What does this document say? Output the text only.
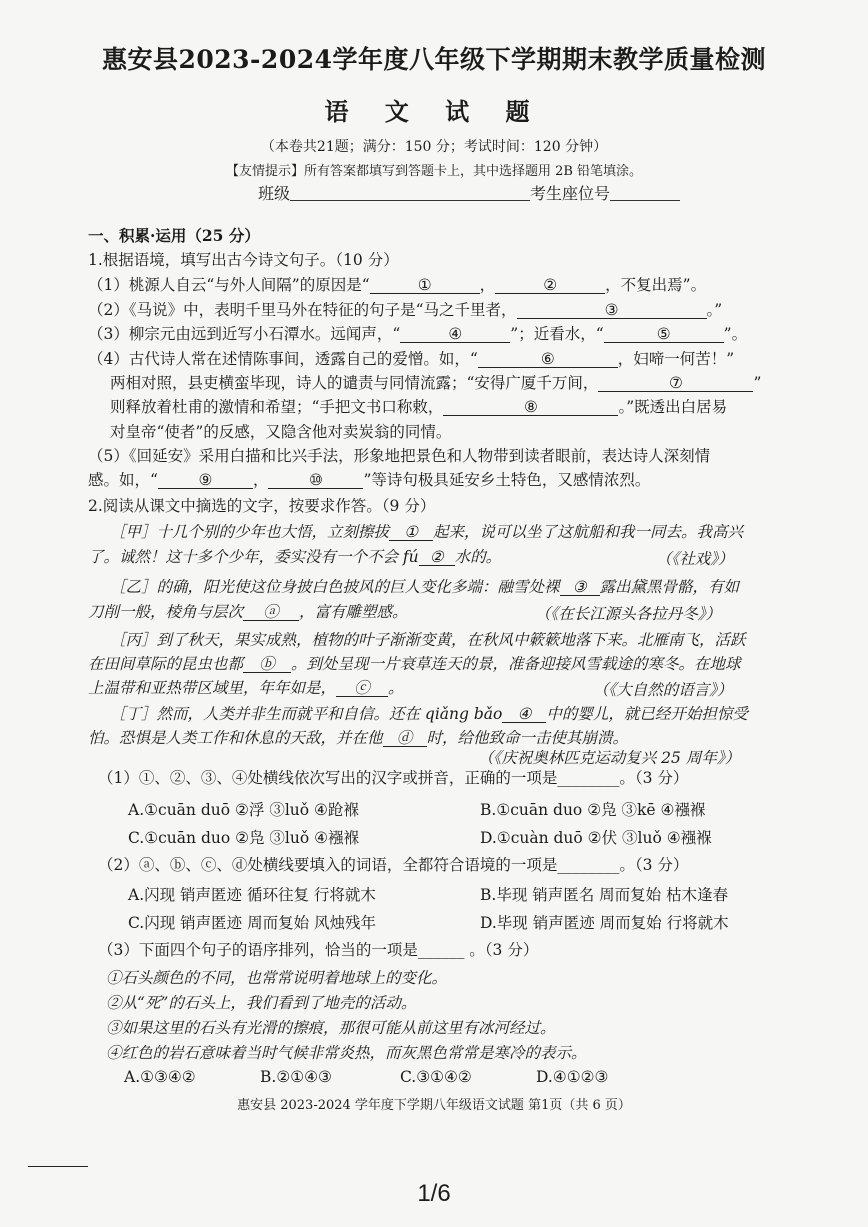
惠安县2023-2024学年度八年级下学期期末教学质量检测
语 文 试 题
（本卷共21题；满分：150 分；考试时间：120 分钟）
【友情提示】所有答案都填写到答题卡上，其中选择题用 2B 铅笔填涂。
班级	考生座位号
一、积累·运用（25 分）
1.根据语境，填写出古今诗文句子。（10 分）
（1）桃源人自云“与外人间隔”的原因是“	①	，	②	，不复出焉”。
（2）《马说》中，表明千里马外在特征的句子是“马之千里者，	③	。”
（3）柳宗元由远到近写小石潭水。远闻声，“	④	”；近看水，“	⑤	”。
（4）古代诗人常在述情陈事间，透露自己的爱憎。如，“	⑥	，妇啼一何苦！”
两相对照，县吏横蛮毕现，诗人的谴责与同情流露；“安得广厦千万间，	⑦	”
则释放着杜甫的激情和希望；“手把文书口称敕，	⑧	。”既透出白居易
对皇帝“使者”的反感，又隐含他对卖炭翁的同情。
（5）《回延安》采用白描和比兴手法，形象地把景色和人物带到读者眼前，表达诗人深刻情
感。如，“	⑨	，	⑩	”等诗句极具延安乡土特色，又感情浓烈。
2.阅读从课文中摘选的文字，按要求作答。（9 分）
［甲］十几个别的少年也大悟，立刻擦拔 ① 起来，说可以坐了这航船和我一同去。我高兴
了。诚然！这十多个少年，委实没有一个不会 fú ② 水的。	（《社戏》）
［乙］的确，阳光使这位身披白色披风的巨人变化多端：融雪处裸 ③ 露出黛黑骨骼，有如
刀削一般，棱角与层次 ⓐ ，富有雕塑感。	（《在长江源头各拉丹冬》）
［丙］到了秋天，果实成熟，植物的叶子渐渐变黄，在秋风中簌簌地落下来。北雁南飞，活跃
在田间草际的昆虫也都 ⓑ 。到处呈现一片衰草连天的景，准备迎接风雪载途的寒冬。在地球
上温带和亚热带区域里，年年如是， ⓒ 。	（《大自然的语言》）
［丁］然而，人类并非生而就平和自信。还在 qiǎng bǎo ④ 中的婴儿，就已经开始担惊受
怕。恐惧是人类工作和休息的天敌，并在他 ⓓ 时，给他致命一击使其崩溃。
（《庆祝奥林匹克运动复兴 25 周年》）
（1）①、②、③、④处横线依次写出的汉字或拼音，正确的一项是________。（3 分）
A.①cuān duō ②浮 ③luǒ ④跄褓	B.①cuān duo ②凫 ③kē ④襁褓
C.①cuān duo ②凫 ③luǒ ④襁褓	D.①cuàn duō ②伏 ③luǒ ④襁褓
（2）ⓐ、ⓑ、ⓒ、ⓓ处横线要填入的词语，全都符合语境的一项是________。（3 分）
A.闪现 销声匿迹 循环往复 行将就木	B.毕现 销声匿名 周而复始 枯木逢春
C.闪现 销声匿迹 周而复始 风烛残年	D.毕现 销声匿迹 周而复始 行将就木
（3）下面四个句子的语序排列，恰当的一项是______ 。（3 分）
①石头颜色的不同，也常常说明着地球上的变化。
②从“死”的石头上，我们看到了地壳的活动。
③如果这里的石头有光滑的擦痕，那很可能从前这里有冰河经过。
④红色的岩石意味着当时气候非常炎热，而灰黑色常常是寒冷的表示。
A.①③④②	B.②①④③	C.③①④②	D.④①②③
惠安县 2023-2024 学年度下学期八年级语文试题 第1页（共 6 页）
1/6
